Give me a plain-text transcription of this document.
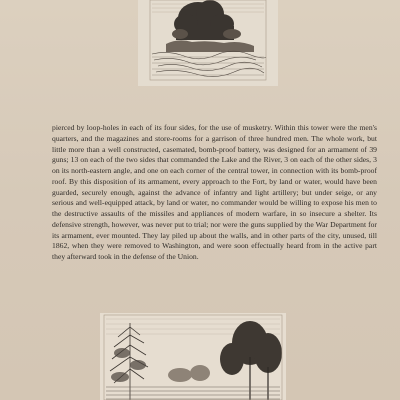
pierced by loop-holes in each of its four sides, for the use of musketry. Within this tower were the men's quarters, and the magazines and store-rooms for a garrison of three hundred men. The whole work, but little more than a well constructed, casemated, bomb-proof battery, was designed for an armament of 39 guns; 13 on each of the two sides that commanded the Lake and the River, 3 on each of the other sides, 3 on its north-eastern angle, and one on each corner of the central tower, in connection with its bomb-proof roof. By this disposition of its armament, every approach to the Fort, by land or water, would have been guarded, securely enough, against the advance of infantry and light artillery; but under seige, or any serious and well-equipped attack, by land or water, no commander would be willing to expose his men to the destructive assaults of the missiles and appliances of modern warfare, in so insecure a shelter. Its defensive strength, however, was never put to trial; nor were the guns supplied by the War Department for its armament, ever mounted. They lay piled up about the walls, and in other parts of the city, unused, till 1862, when they were removed to Washington, and were soon effectually heard from in the active part they afterward took in the defense of the Union.
